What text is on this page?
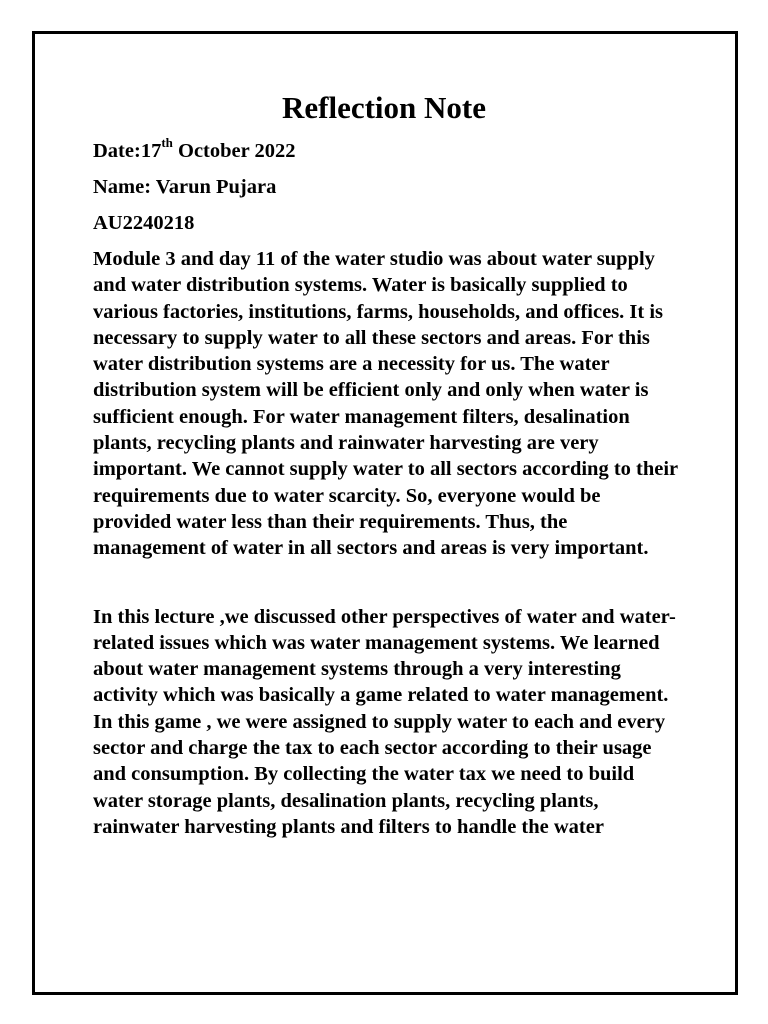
Reflection Note

Date:17th October 2022

Name: Varun Pujara

AU2240218

Module 3 and day 11 of the water studio was about water supply and water distribution systems. Water is basically supplied to various factories, institutions, farms, households, and offices. It is necessary to supply water to all these sectors and areas. For this water distribution systems are a necessity for us. The water distribution system will be efficient only and only when water is sufficient enough. For water management filters, desalination plants, recycling plants and rainwater harvesting are very important. We cannot supply water to all sectors according to their requirements due to water scarcity. So, everyone would be provided water less than their requirements. Thus, the management of water in all sectors and areas is very important.

In this lecture ,we discussed other perspectives of water and water-related issues which was water management systems. We learned about water management systems through a very interesting activity which was basically a game related to water management. In this game , we were assigned to supply water to each and every sector and charge the tax to each sector according to their usage and consumption. By collecting the water tax we need to build water storage plants, desalination plants, recycling plants, rainwater harvesting plants and filters to handle the water
